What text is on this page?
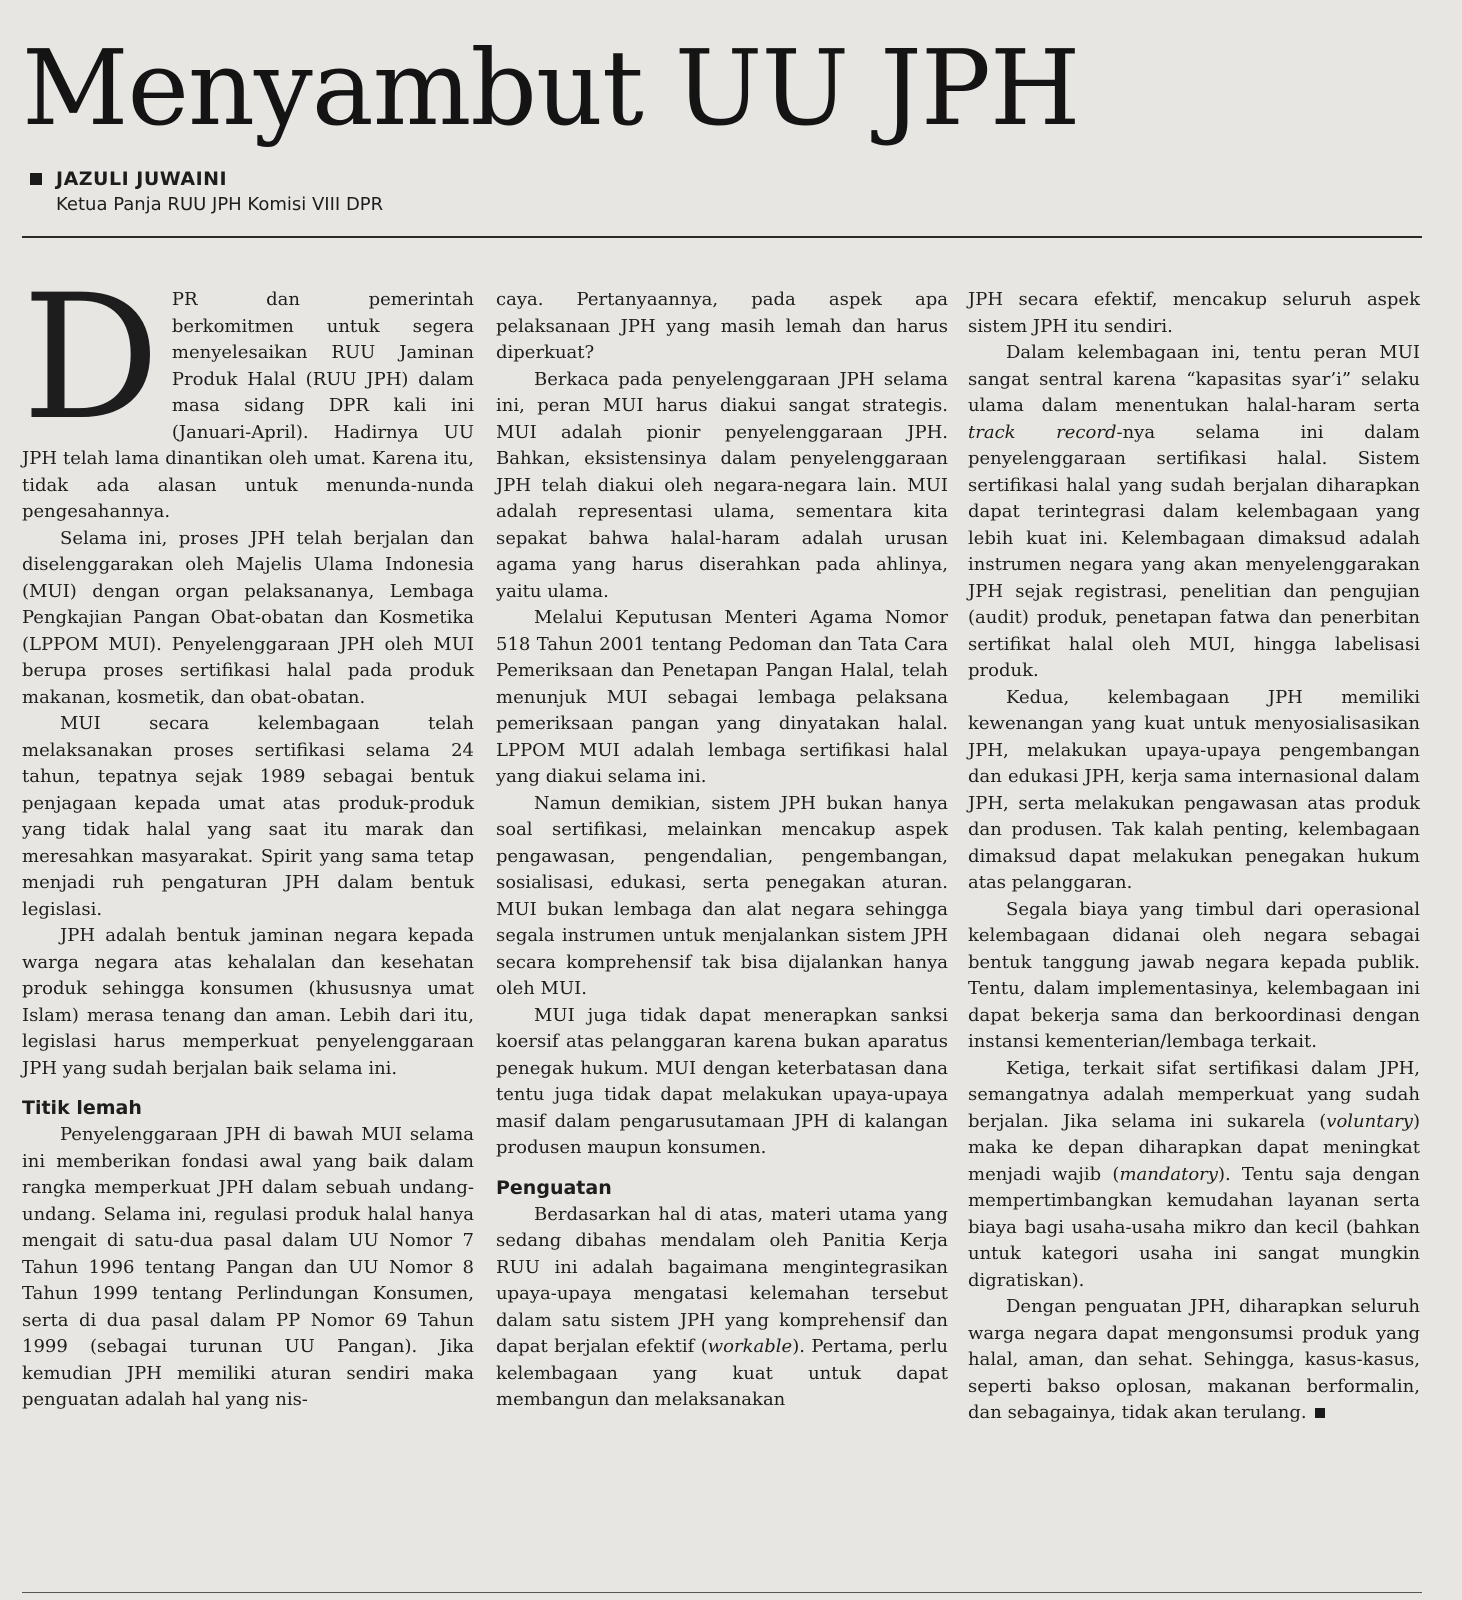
Menyambut UU JPH
JAZULI JUWAINI
Ketua Panja RUU JPH Komisi VIII DPR

DPR dan pemerintah berkomitmen untuk segera menyelesaikan RUU Jaminan Produk Halal (RUU JPH) dalam masa sidang DPR kali ini (Januari-April). Hadirnya UU JPH telah lama dinantikan oleh umat. Karena itu, tidak ada alasan untuk menunda-nunda pengesahannya.

Selama ini, proses JPH telah berjalan dan diselenggarakan oleh Majelis Ulama Indonesia (MUI) dengan organ pelaksananya, Lembaga Pengkajian Pangan Obat-obatan dan Kosmetika (LPPOM MUI). Penyelenggaraan JPH oleh MUI berupa proses sertifikasi halal pada produk makanan, kosmetik, dan obat-obatan.

MUI secara kelembagaan telah melaksanakan proses sertifikasi selama 24 tahun, tepatnya sejak 1989 sebagai bentuk penjagaan kepada umat atas produk-produk yang tidak halal yang saat itu marak dan meresahkan masyarakat. Spirit yang sama tetap menjadi ruh pengaturan JPH dalam bentuk legislasi.

JPH adalah bentuk jaminan negara kepada warga negara atas kehalalan dan kesehatan produk sehingga konsumen (khususnya umat Islam) merasa tenang dan aman. Lebih dari itu, legislasi harus memperkuat penyelenggaraan JPH yang sudah berjalan baik selama ini.

Titik lemah

Penyelenggaraan JPH di bawah MUI selama ini memberikan fondasi awal yang baik dalam rangka memperkuat JPH dalam sebuah undang-undang. Selama ini, regulasi produk halal hanya mengait di satu-dua pasal dalam UU Nomor 7 Tahun 1996 tentang Pangan dan UU Nomor 8 Tahun 1999 tentang Perlindungan Konsumen, serta di dua pasal dalam PP Nomor 69 Tahun 1999 (sebagai turunan UU Pangan). Jika kemudian JPH memiliki aturan sendiri maka penguatan adalah hal yang nis-

caya. Pertanyaannya, pada aspek apa pelaksanaan JPH yang masih lemah dan harus diperkuat?

Berkaca pada penyelenggaraan JPH selama ini, peran MUI harus diakui sangat strategis. MUI adalah pionir penyelenggaraan JPH. Bahkan, eksistensinya dalam penyelenggaraan JPH telah diakui oleh negara-negara lain. MUI adalah representasi ulama, sementara kita sepakat bahwa halal-haram adalah urusan agama yang harus diserahkan pada ahlinya, yaitu ulama.

Melalui Keputusan Menteri Agama Nomor 518 Tahun 2001 tentang Pedoman dan Tata Cara Pemeriksaan dan Penetapan Pangan Halal, telah menunjuk MUI sebagai lembaga pelaksana pemeriksaan pangan yang dinyatakan halal. LPPOM MUI adalah lembaga sertifikasi halal yang diakui selama ini.

Namun demikian, sistem JPH bukan hanya soal sertifikasi, melainkan mencakup aspek pengawasan, pengendalian, pengembangan, sosialisasi, edukasi, serta penegakan aturan. MUI bukan lembaga dan alat negara sehingga segala instrumen untuk menjalankan sistem JPH secara komprehensif tak bisa dijalankan hanya oleh MUI.

MUI juga tidak dapat menerapkan sanksi koersif atas pelanggaran karena bukan aparatus penegak hukum. MUI dengan keterbatasan dana tentu juga tidak dapat melakukan upaya-upaya masif dalam pengarusutamaan JPH di kalangan produsen maupun konsumen.

Penguatan

Berdasarkan hal di atas, materi utama yang sedang dibahas mendalam oleh Panitia Kerja RUU ini adalah bagaimana mengintegrasikan upaya-upaya mengatasi kelemahan tersebut dalam satu sistem JPH yang komprehensif dan dapat berjalan efektif (workable). Pertama, perlu kelembagaan yang kuat untuk dapat membangun dan melaksanakan

JPH secara efektif, mencakup seluruh aspek sistem JPH itu sendiri.

Dalam kelembagaan ini, tentu peran MUI sangat sentral karena “kapasitas syar’i” selaku ulama dalam menentukan halal-haram serta track record-nya selama ini dalam penyelenggaraan sertifikasi halal. Sistem sertifikasi halal yang sudah berjalan diharapkan dapat terintegrasi dalam kelembagaan yang lebih kuat ini. Kelembagaan dimaksud adalah instrumen negara yang akan menyelenggarakan JPH sejak registrasi, penelitian dan pengujian (audit) produk, penetapan fatwa dan penerbitan sertifikat halal oleh MUI, hingga labelisasi produk.

Kedua, kelembagaan JPH memiliki kewenangan yang kuat untuk menyosialisasikan JPH, melakukan upaya-upaya pengembangan dan edukasi JPH, kerja sama internasional dalam JPH, serta melakukan pengawasan atas produk dan produsen. Tak kalah penting, kelembagaan dimaksud dapat melakukan penegakan hukum atas pelanggaran.

Segala biaya yang timbul dari operasional kelembagaan didanai oleh negara sebagai bentuk tanggung jawab negara kepada publik. Tentu, dalam implementasinya, kelembagaan ini dapat bekerja sama dan berkoordinasi dengan instansi kementerian/lembaga terkait.

Ketiga, terkait sifat sertifikasi dalam JPH, semangatnya adalah memperkuat yang sudah berjalan. Jika selama ini sukarela (voluntary) maka ke depan diharapkan dapat meningkat menjadi wajib (mandatory). Tentu saja dengan mempertimbangkan kemudahan layanan serta biaya bagi usaha-usaha mikro dan kecil (bahkan untuk kategori usaha ini sangat mungkin digratiskan).

Dengan penguatan JPH, diharapkan seluruh warga negara dapat mengonsumsi produk yang halal, aman, dan sehat. Sehingga, kasus-kasus, seperti bakso oplosan, makanan berformalin, dan sebagainya, tidak akan terulang.
